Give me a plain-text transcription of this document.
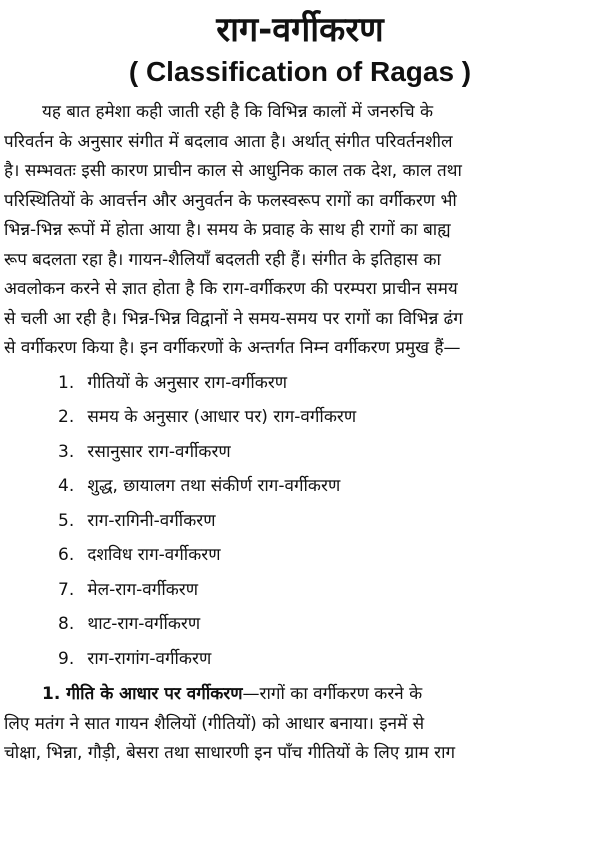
राग-वर्गीकरण
( Classification of Ragas )

यह बात हमेशा कही जाती रही है कि विभिन्न कालों में जनरुचि के
परिवर्तन के अनुसार संगीत में बदलाव आता है। अर्थात् संगीत परिवर्तनशील
है। सम्भवतः इसी कारण प्राचीन काल से आधुनिक काल तक देश, काल तथा
परिस्थितियों के आवर्त्तन और अनुवर्तन के फलस्वरूप रागों का वर्गीकरण भी
भिन्न-भिन्न रूपों में होता आया है। समय के प्रवाह के साथ ही रागों का बाह्य
रूप बदलता रहा है। गायन-शैलियाँ बदलती रही हैं। संगीत के इतिहास का
अवलोकन करने से ज्ञात होता है कि राग-वर्गीकरण की परम्परा प्राचीन समय
से चली आ रही है। भिन्न-भिन्न विद्वानों ने समय-समय पर रागों का विभिन्न ढंग
से वर्गीकरण किया है। इन वर्गीकरणों के अन्तर्गत निम्न वर्गीकरण प्रमुख हैं—

1. गीतियों के अनुसार राग-वर्गीकरण
2. समय के अनुसार (आधार पर) राग-वर्गीकरण
3. रसानुसार राग-वर्गीकरण
4. शुद्ध, छायालग तथा संकीर्ण राग-वर्गीकरण
5. राग-रागिनी-वर्गीकरण
6. दशविध राग-वर्गीकरण
7. मेल-राग-वर्गीकरण
8. थाट-राग-वर्गीकरण
9. राग-रागांग-वर्गीकरण

1. गीति के आधार पर वर्गीकरण—रागों का वर्गीकरण करने के
लिए मतंग ने सात गायन शैलियों (गीतियों) को आधार बनाया। इनमें से
चोक्षा, भिन्ना, गौड़ी, बेसरा तथा साधारणी इन पाँच गीतियों के लिए ग्राम राग
